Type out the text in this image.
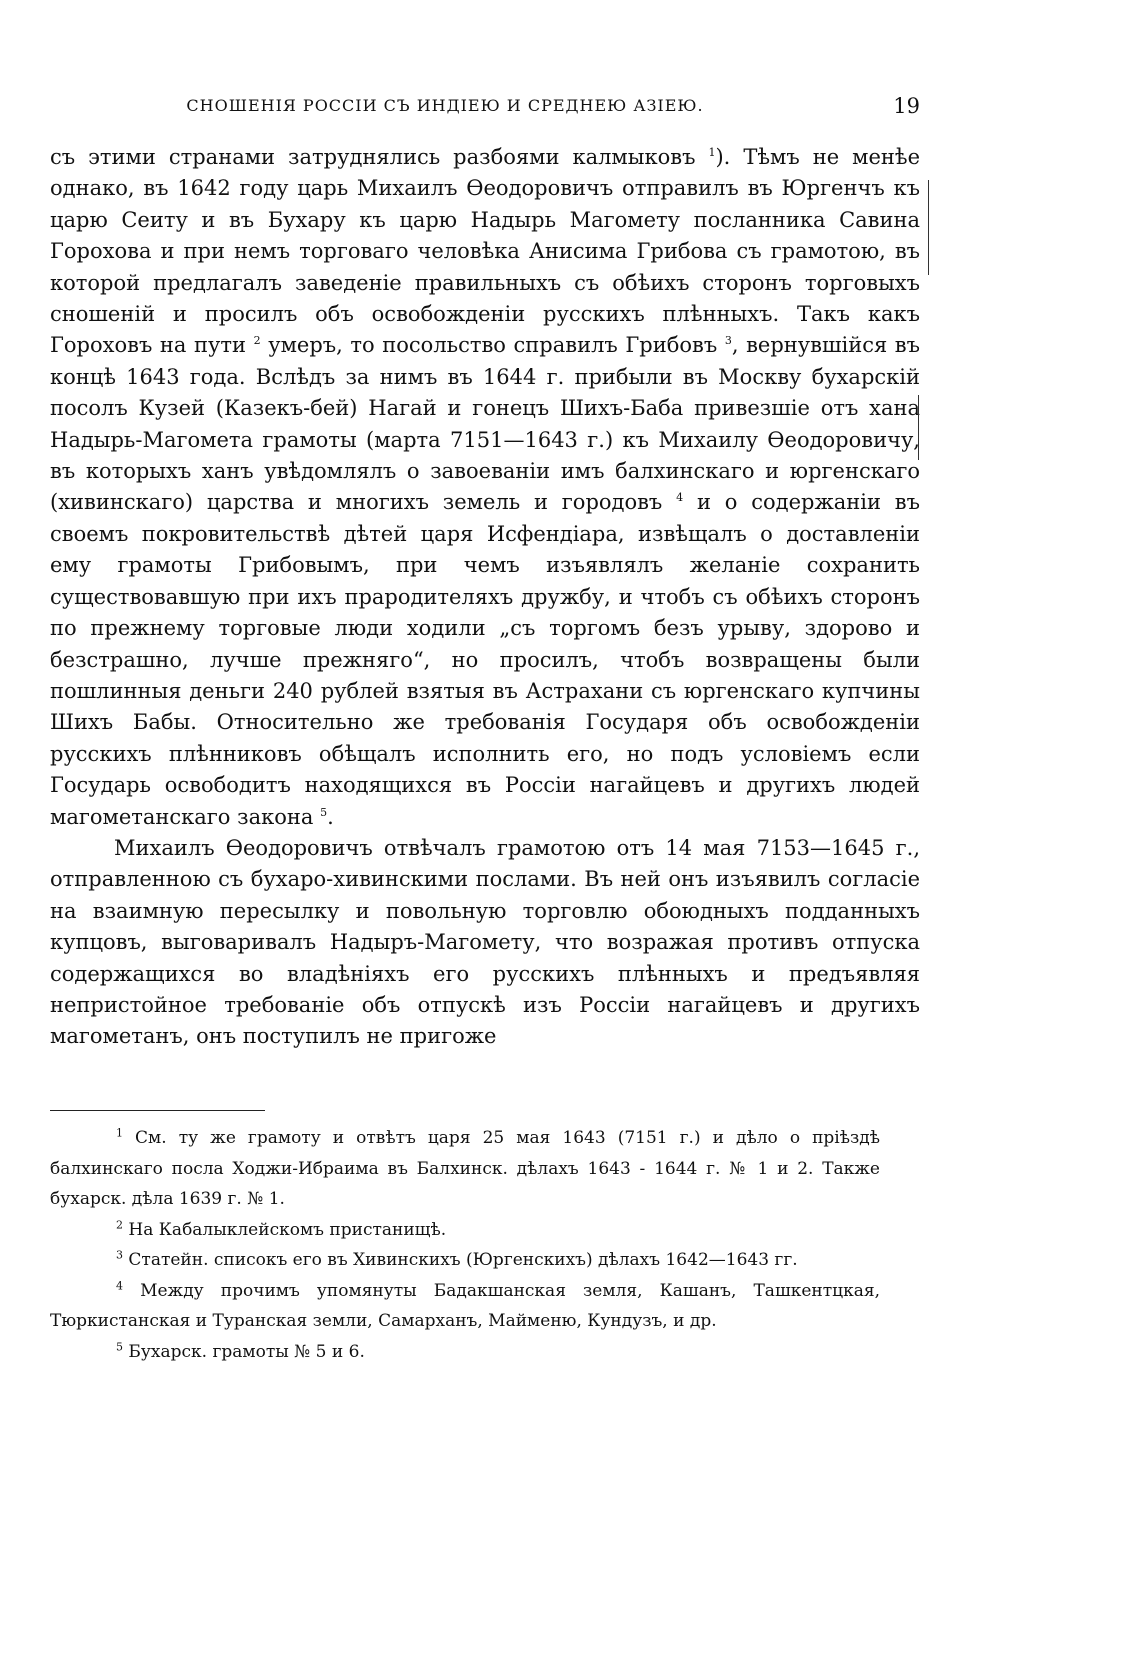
СНОШЕНІЯ РОССІИ СЪ ИНДІЕЮ И СРЕДНЕЮ АЗІЕЮ.	19

съ этими странами затруднялись разбоями калмыковъ $^1$). Тѣмъ не менѣе однако, въ 1642 году царь Михаилъ Ѳеодоровичъ отправилъ въ Юргенчъ къ царю Сеиту и въ Бухару къ царю Надырь Магомету посланника Савина Горохова и при немъ торговаго человѣка Анисима Грибова съ грамотою, въ которой предлагалъ заведеніе правильныхъ съ обѣихъ сторонъ торговыхъ сношеній и просилъ объ освобожденіи русскихъ плѣнныхъ. Такъ какъ Гороховъ на пути $^2$ умеръ, то посольство справилъ Грибовъ $^3$, вернувшійся въ концѣ 1643 года. Вслѣдъ за нимъ въ 1644 г. прибыли въ Москву бухарскій посолъ Кузей (Казекъ-бей) Нагай и гонецъ Шихъ-Баба привезшіе отъ хана Надырь-Магомета грамоты (марта 7151—1643 г.) къ Михаилу Ѳеодоровичу, въ которыхъ ханъ увѣдомлялъ о завоеваніи имъ балхинскаго и юргенскаго (хивинскаго) царства и многихъ земель и городовъ $^4$ и о содержаніи въ своемъ покровительствѣ дѣтей царя Исфендіара, извѣщалъ о доставленіи ему грамоты Грибовымъ, при чемъ изъявлялъ желаніе сохранить существовавшую при ихъ прародителяхъ дружбу, и чтобъ съ обѣихъ сторонъ по прежнему торговые люди ходили „съ торгомъ безъ урыву, здорово и безстрашно, лучше прежняго“, но просилъ, чтобъ возвращены были пошлинныя деньги 240 рублей взятыя въ Астрахани съ юргенскаго купчины Шихъ Бабы. Относительно же требованія Государя объ освобожденіи русскихъ плѣнниковъ обѣщалъ исполнить его, но подъ условіемъ если Государь освободитъ находящихся въ Россіи нагайцевъ и другихъ людей магометанскаго закона $^5$.

Михаилъ Ѳеодоровичъ отвѣчалъ грамотою отъ 14 мая 7153—1645 г., отправленною съ бухаро-хивинскими послами. Въ ней онъ изъявилъ согласіе на взаимную пересылку и повольную торговлю обоюдныхъ подданныхъ купцовъ, выговаривалъ Надыръ-Магомету, что возражая противъ отпуска содержащихся во владѣніяхъ его русскихъ плѣнныхъ и предъявляя непристойное требованіе объ отпускѣ изъ Россіи нагайцевъ и другихъ магометанъ, онъ поступилъ не пригоже

$^1$ См. ту же грамоту и отвѣтъ царя 25 мая 1643 (7151 г.) и дѣло о пріѣздѣ балхинскаго посла Ходжи-Ибраима въ Балхинск. дѣлахъ 1643 - 1644 г. № 1 и 2. Также бухарск. дѣла 1639 г. № 1.

$^2$ На Кабалыклейскомъ пристанищѣ.

$^3$ Статейн. списокъ его въ Хивинскихъ (Юргенскихъ) дѣлахъ 1642—1643 гг.

$^4$ Между прочимъ упомянуты Бадакшанская земля, Кашанъ, Ташкентцкая, Тюркистанская и Туранская земли, Самарханъ, Майменю, Кундузъ, и др.

$^5$ Бухарск. грамоты № 5 и 6.
